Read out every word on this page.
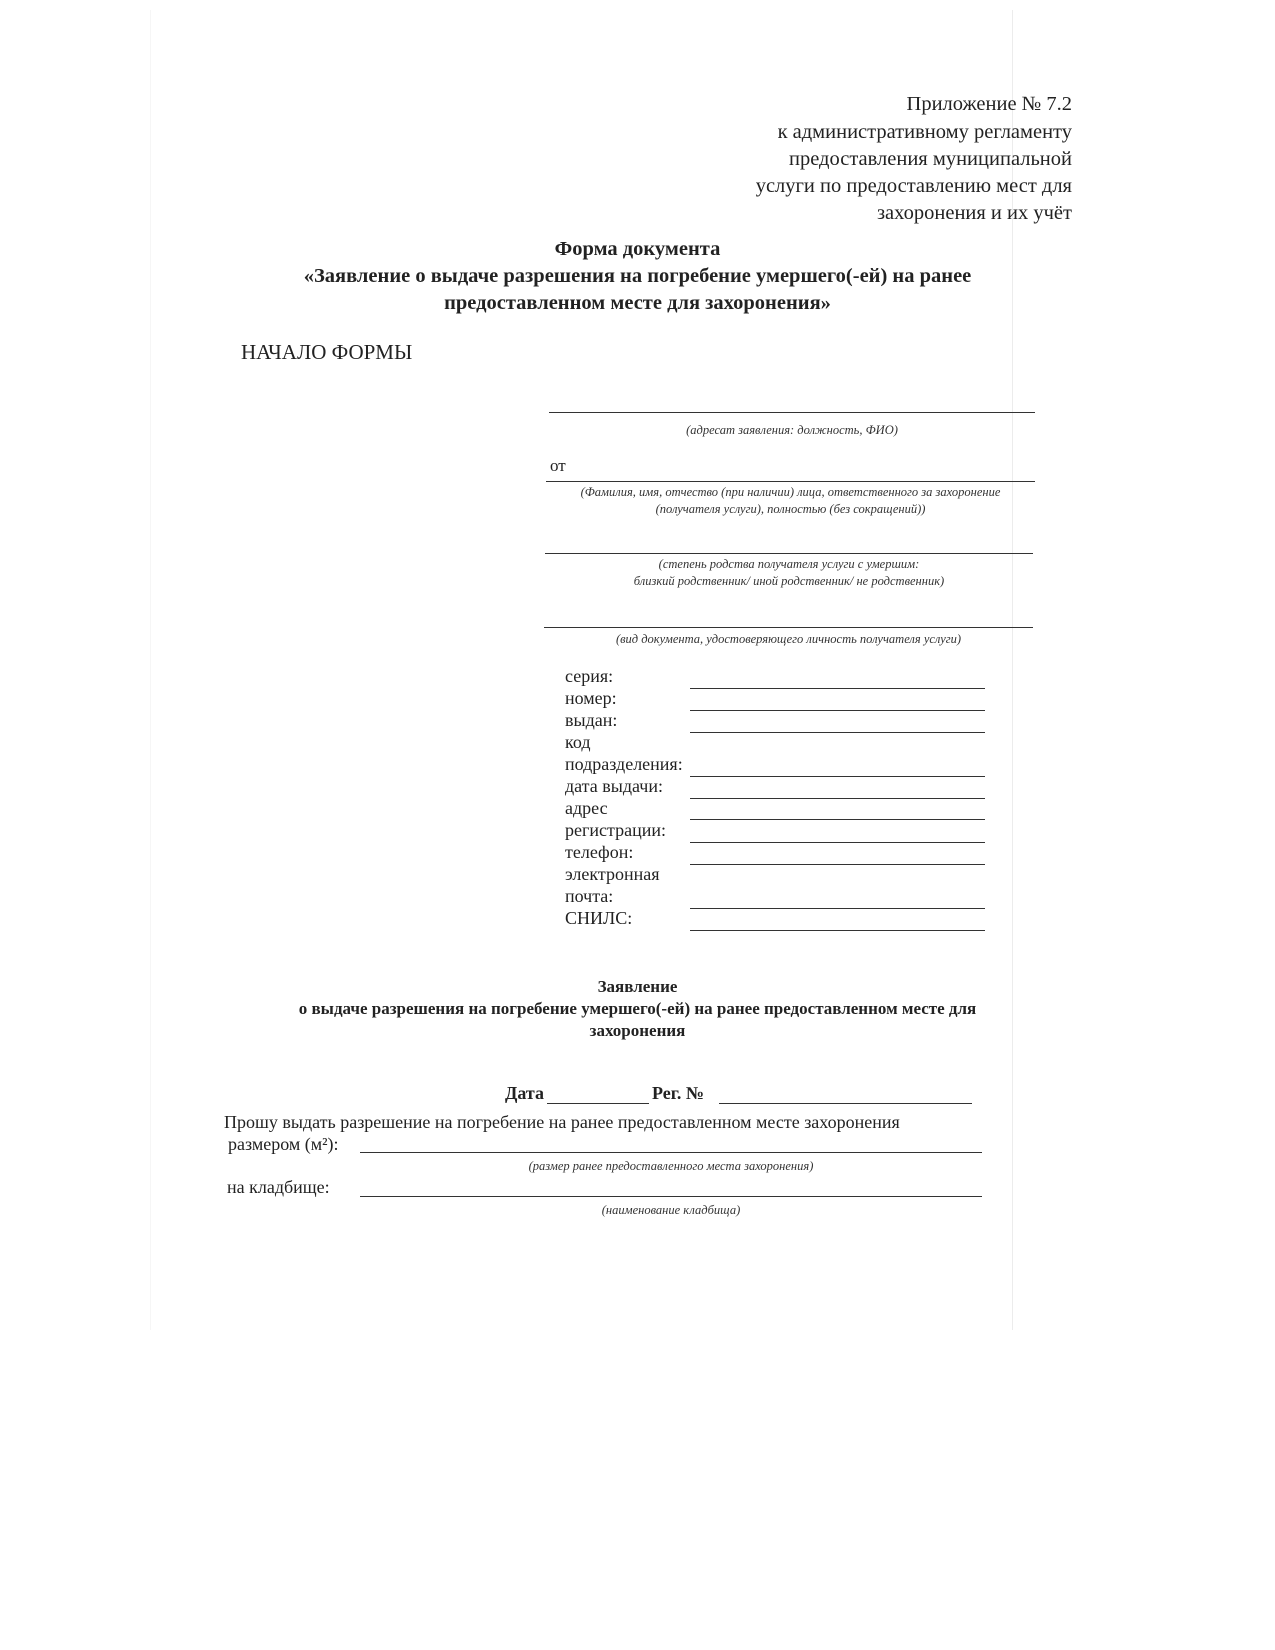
Приложение № 7.2
к административному регламенту
предоставления муниципальной
услуги по предоставлению мест для
захоронения и их учёт
Форма документа
«Заявление о выдаче разрешения на погребение умершего(-ей) на ранее
предоставленном месте для захоронения»
НАЧАЛО ФОРМЫ
(адресат заявления: должность, ФИО)
от
(Фамилия, имя, отчество (при наличии) лица, ответственного за захоронение
(получателя услуги), полностью (без сокращений))
(степень родства получателя услуги с умершим:
близкий родственник/ иной родственник/ не родственник)
(вид документа, удостоверяющего личность получателя услуги)
серия:
номер:
выдан:
код
подразделения:
дата выдачи:
адрес
регистрации:
телефон:
электронная
почта:
СНИЛС:
Заявление
о выдаче разрешения на погребение умершего(-ей) на ранее предоставленном месте для
захоронения
Дата	Рег. №
Прошу выдать разрешение на погребение на ранее предоставленном месте захоронения
размером (м²):
(размер ранее предоставленного места захоронения)
на кладбище:
(наименование кладбища)
